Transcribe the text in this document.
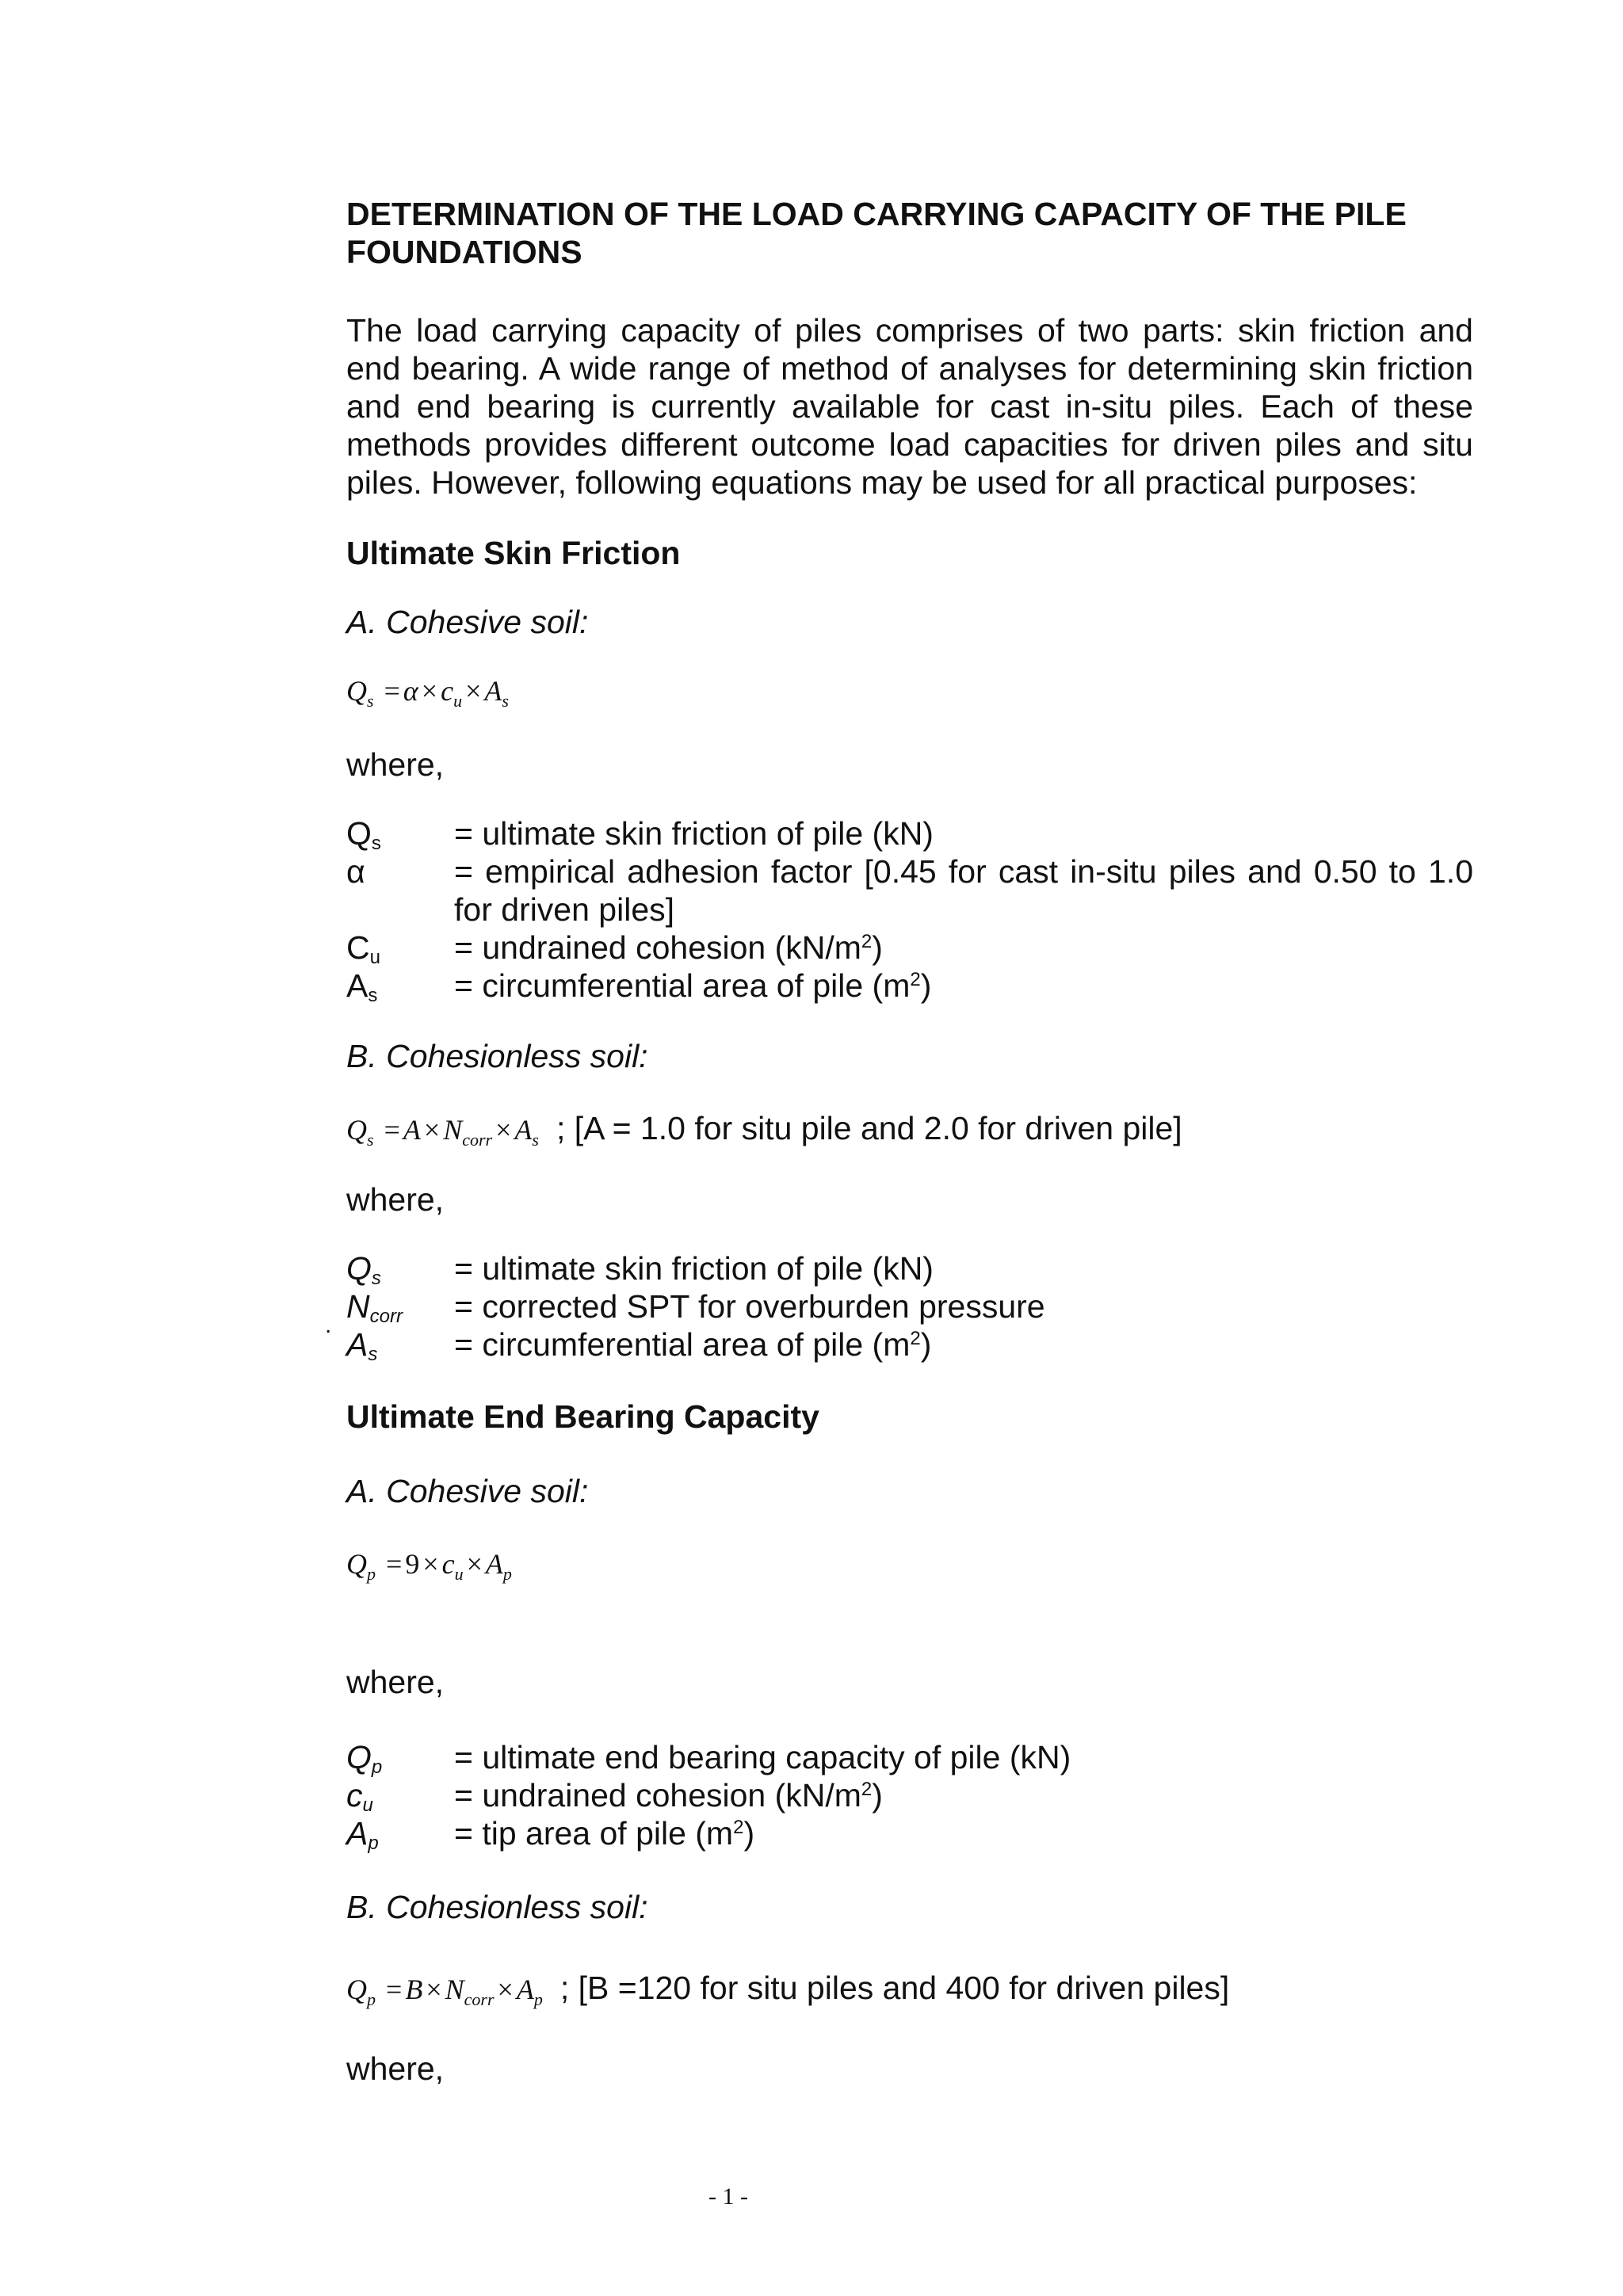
DETERMINATION OF THE LOAD CARRYING CAPACITY OF THE PILE FOUNDATIONS
The load carrying capacity of piles comprises of two parts: skin friction and end bearing. A wide range of method of analyses for determining skin friction and end bearing is currently available for cast in-situ piles. Each of these methods provides different outcome load capacities for driven piles and situ piles. However, following equations may be used for all practical purposes:
Ultimate Skin Friction
A. Cohesive soil:
$Q_s = \alpha \times c_u \times A_s$
where,
$Q_s$	= ultimate skin friction of pile (kN)
α	= empirical adhesion factor [0.45 for cast in-situ piles and 0.50 to 1.0 for driven piles]
$C_u$	= undrained cohesion $(kN/m^2)$
$A_s$	= circumferential area of pile $(m^2)$
B. Cohesionless soil:
$Q_s = A \times N_{corr} \times A_s$ ; [A = 1.0 for situ pile and 2.0 for driven pile]
where,
$Q_s$	= ultimate skin friction of pile (kN)
$N_{corr}$	= corrected SPT for overburden pressure
$A_s$	= circumferential area of pile $(m^2)$
.
Ultimate End Bearing Capacity
A. Cohesive soil:
$Q_p = 9 \times c_u \times A_p$
where,
$Q_p$	= ultimate end bearing capacity of pile (kN)
$c_u$	= undrained cohesion $(kN/m^2)$
$A_p$	= tip area of pile $(m^2)$
B. Cohesionless soil:
$Q_p = B \times N_{corr} \times A_p$ ; [B =120 for situ piles and 400 for driven piles]
where,
- 1 -
